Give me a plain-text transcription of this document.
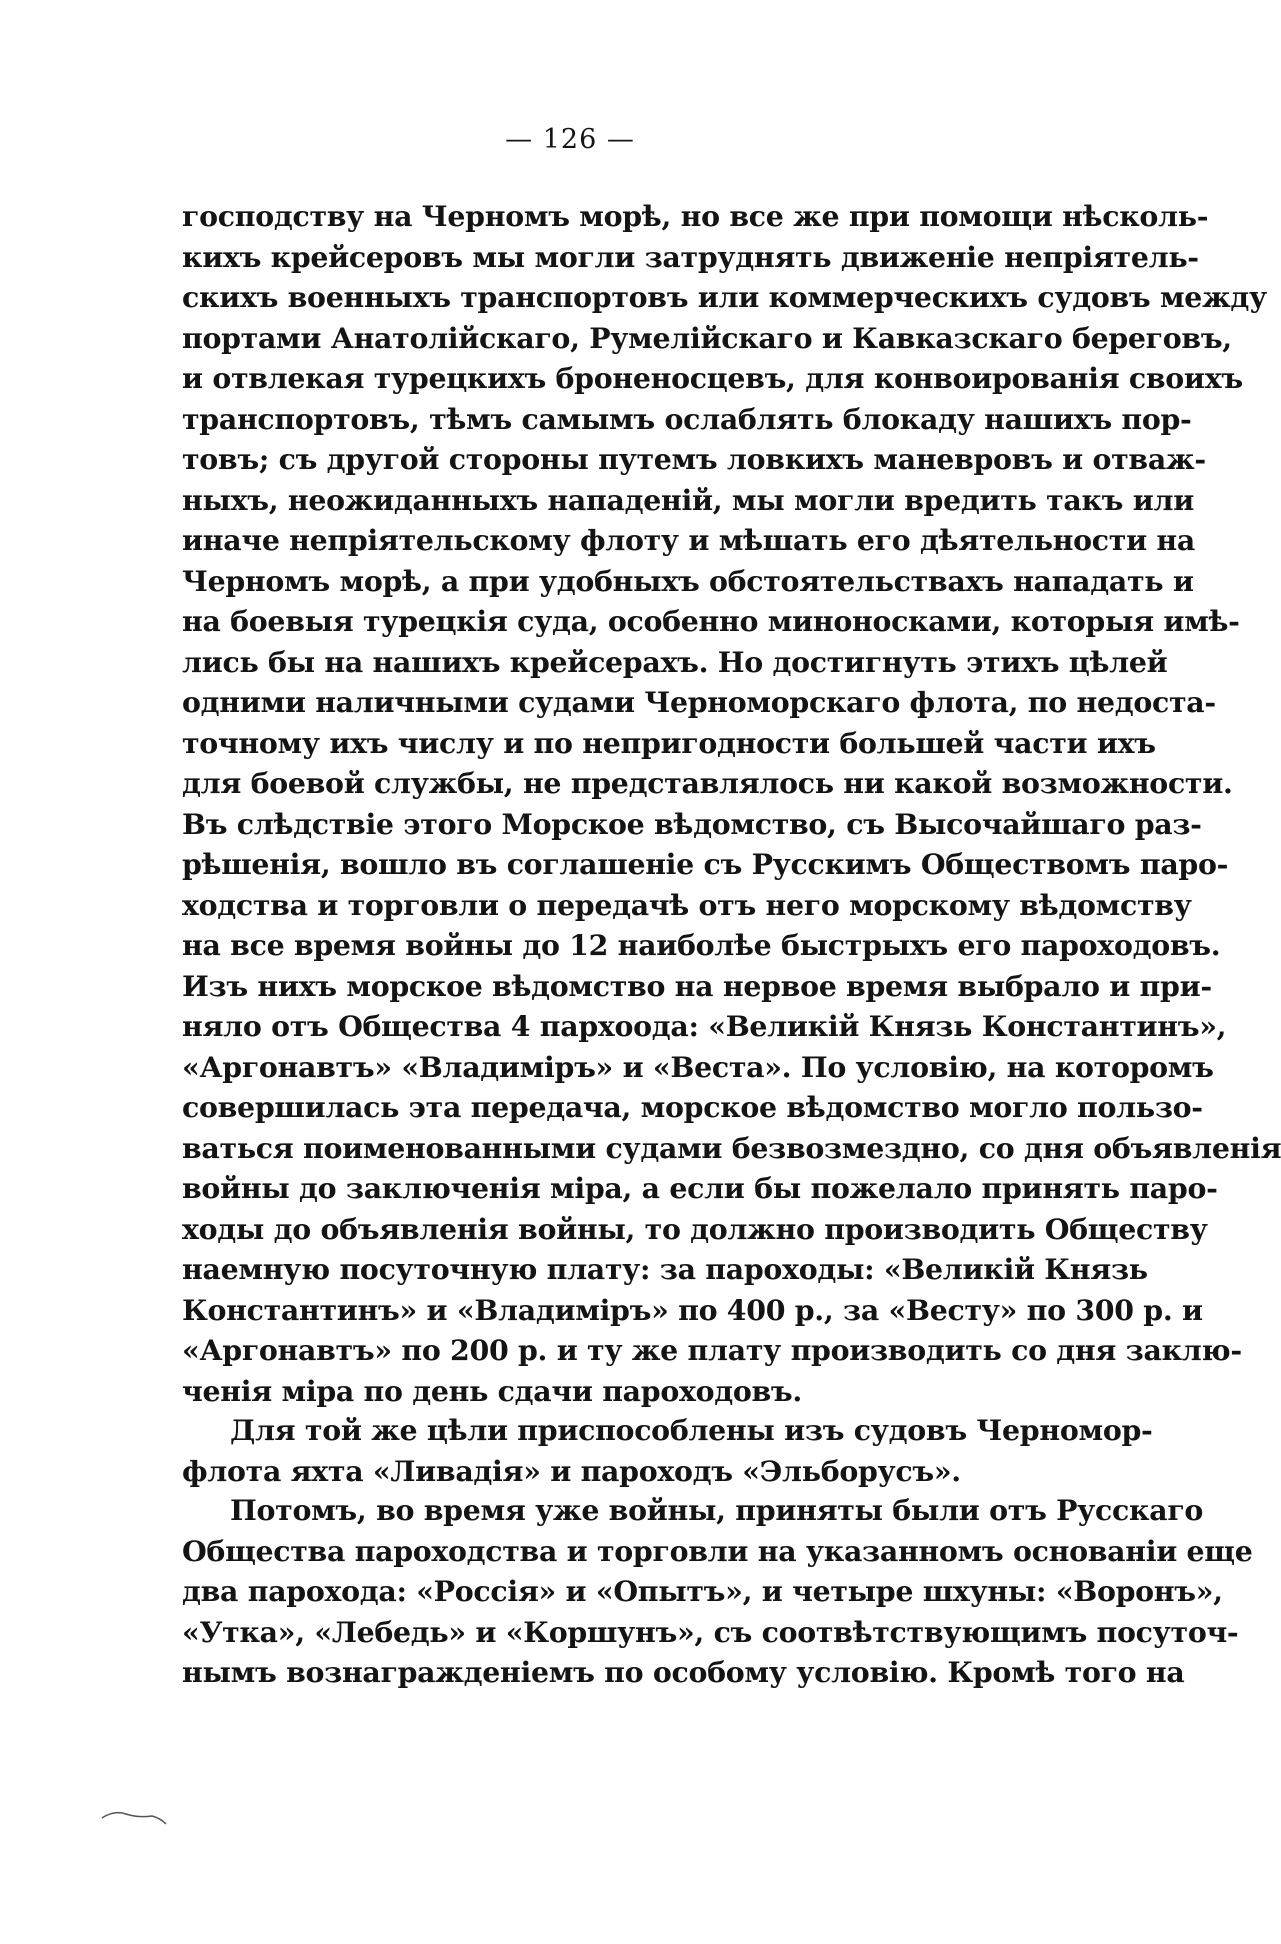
— 126 —
господству на Черномъ морѣ, но все же при помощи нѣсколь-
кихъ крейсеровъ мы могли затруднять движенiе непрiятель-
скихъ военныхъ транспортовъ или коммерческихъ судовъ между
портами Анатолiйскаго, Румелiйскаго и Кавказскаго береговъ,
и отвлекая турецкихъ броненосцевъ, для конвоированiя своихъ
транспортовъ, тѣмъ самымъ ослаблять блокаду нашихъ пор-
товъ; съ другой стороны путемъ ловкихъ маневровъ и отваж-
ныхъ, неожиданныхъ нападенiй, мы могли вредить такъ или
иначе непрiятельскому флоту и мѣшать его дѣятельности на
Черномъ морѣ, а при удобныхъ обстоятельствахъ нападать и
на боевыя турецкiя суда, особенно миноносками, которыя имѣ-
лись бы на нашихъ крейсерахъ. Но достигнуть этихъ цѣлей
одними наличными судами Черноморскаго флота, по недоста-
точному ихъ числу и по непригодности большей части ихъ
для боевой службы, не представлялось ни какой возможности.
Въ слѣдствiе этого Морское вѣдомство, съ Высочайшаго раз-
рѣшенiя, вошло въ соглашенiе съ Русскимъ Обществомъ паро-
ходства и торговли о передачѣ отъ него морскому вѣдомству
на все время войны до 12 наиболѣе быстрыхъ его пароходовъ.
Изъ нихъ морское вѣдомство на нервое время выбрало и при-
няло отъ Общества 4 пархоода: «Великiй Князь Константинъ»,
«Аргонавтъ» «Владимiръ» и «Веста». По условiю, на которомъ
совершилась эта передача, морское вѣдомство могло пользо-
ваться поименованными судами безвозмездно, со дня объявленiя
войны до заключенiя мiра, а если бы пожелало принять паро-
ходы до объявленiя войны, то должно производить Обществу
наемную посуточную плату: за пароходы: «Великiй Князь
Константинъ» и «Владимiръ» по 400 р., за «Весту» по 300 р. и
«Аргонавтъ» по 200 р. и ту же плату производить со дня заклю-
ченiя мiра по день сдачи пароходовъ.
Для той же цѣли приспособлены изъ судовъ Черномор-
флота яхта «Ливадiя» и пароходъ «Эльборусъ».
Потомъ, во время уже войны, приняты были отъ Русскаго
Общества пароходства и торговли на указанномъ основанiи еще
два парохода: «Россiя» и «Опытъ», и четыре шхуны: «Воронъ»,
«Утка», «Лебедь» и «Коршунъ», съ соотвѣтствующимъ посуточ-
нымъ вознагражденiемъ по особому условiю. Кромѣ того на
